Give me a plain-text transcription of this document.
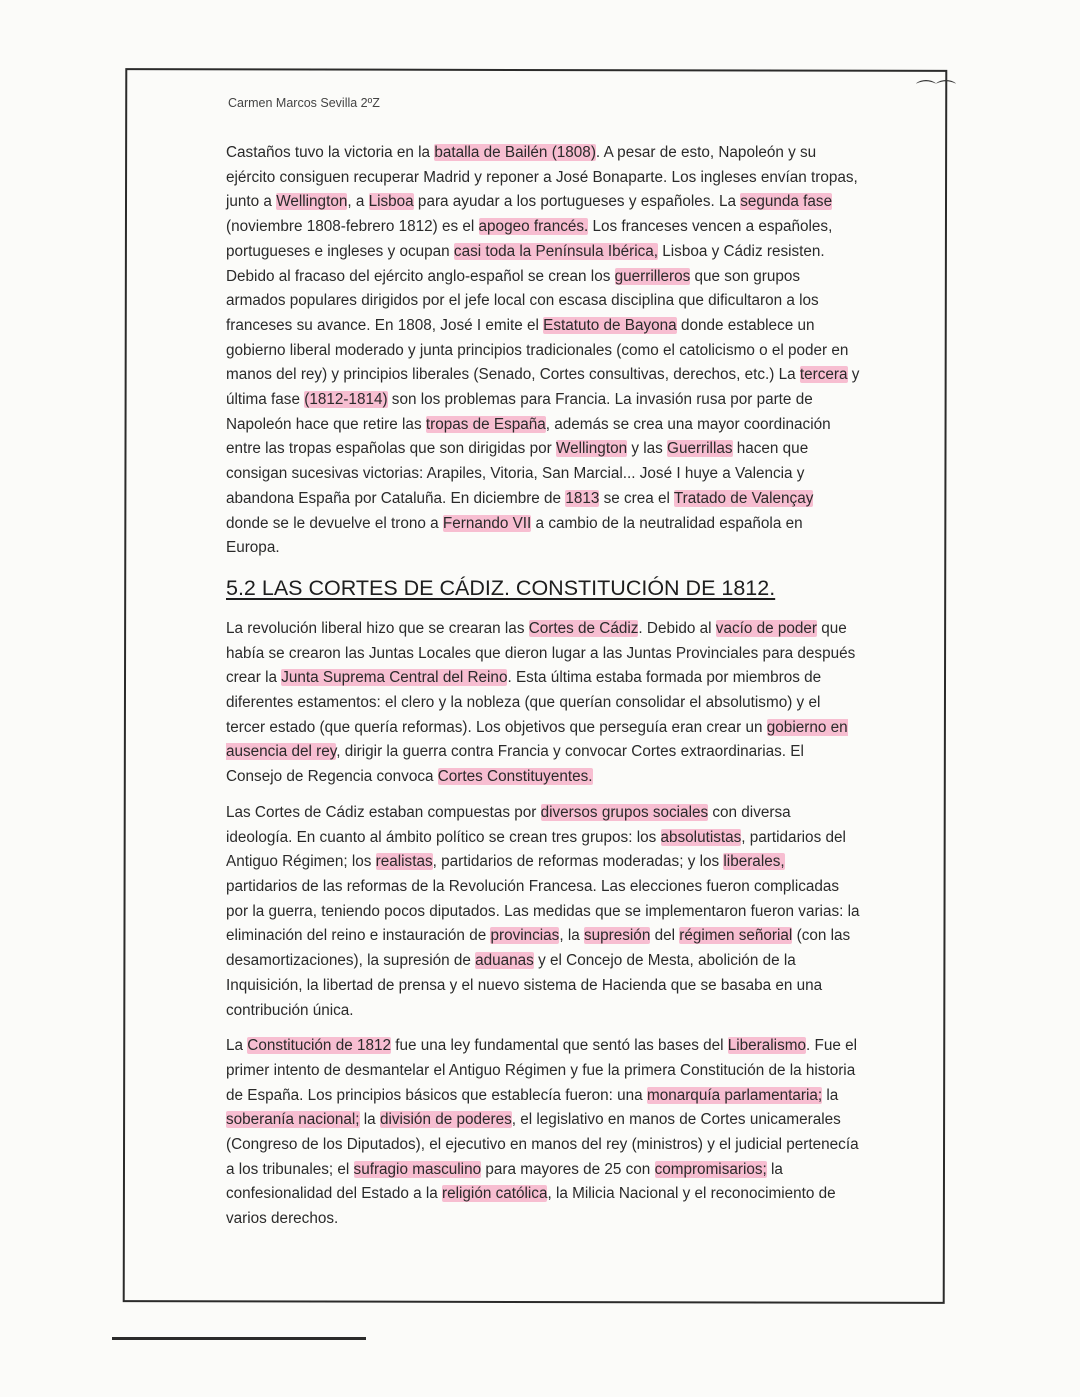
Carmen Marcos Sevilla 2ºZ
⌒⌒

Castaños tuvo la victoria en la batalla de Bailén (1808). A pesar de esto, Napoleón y su ejército consiguen recuperar Madrid y reponer a José Bonaparte. Los ingleses envían tropas, junto a Wellington, a Lisboa para ayudar a los portugueses y españoles. La segunda fase (noviembre 1808-febrero 1812) es el apogeo francés. Los franceses vencen a españoles, portugueses e ingleses y ocupan casi toda la Península Ibérica, Lisboa y Cádiz resisten. Debido al fracaso del ejército anglo-español se crean los guerrilleros que son grupos armados populares dirigidos por el jefe local con escasa disciplina que dificultaron a los franceses su avance. En 1808, José I emite el Estatuto de Bayona donde establece un gobierno liberal moderado y junta principios tradicionales (como el catolicismo o el poder en manos del rey) y principios liberales (Senado, Cortes consultivas, derechos, etc.) La tercera y última fase (1812-1814) son los problemas para Francia. La invasión rusa por parte de Napoleón hace que retire las tropas de España, además se crea una mayor coordinación entre las tropas españolas que son dirigidas por Wellington y las Guerrillas hacen que consigan sucesivas victorias: Arapiles, Vitoria, San Marcial... José I huye a Valencia y abandona España por Cataluña. En diciembre de 1813 se crea el Tratado de Valençay donde se le devuelve el trono a Fernando VII a cambio de la neutralidad española en Europa.

5.2 LAS CORTES DE CÁDIZ. CONSTITUCIÓN DE 1812.

La revolución liberal hizo que se crearan las Cortes de Cádiz. Debido al vacío de poder que había se crearon las Juntas Locales que dieron lugar a las Juntas Provinciales para después crear la Junta Suprema Central del Reino. Esta última estaba formada por miembros de diferentes estamentos: el clero y la nobleza (que querían consolidar el absolutismo) y el tercer estado (que quería reformas). Los objetivos que perseguía eran crear un gobierno en ausencia del rey, dirigir la guerra contra Francia y convocar Cortes extraordinarias. El Consejo de Regencia convoca Cortes Constituyentes.

Las Cortes de Cádiz estaban compuestas por diversos grupos sociales con diversa ideología. En cuanto al ámbito político se crean tres grupos: los absolutistas, partidarios del Antiguo Régimen; los realistas, partidarios de reformas moderadas; y los liberales, partidarios de las reformas de la Revolución Francesa. Las elecciones fueron complicadas por la guerra, teniendo pocos diputados. Las medidas que se implementaron fueron varias: la eliminación del reino e instauración de provincias, la supresión del régimen señorial (con las desamortizaciones), la supresión de aduanas y el Concejo de Mesta, abolición de la Inquisición, la libertad de prensa y el nuevo sistema de Hacienda que se basaba en una contribución única.

La Constitución de 1812 fue una ley fundamental que sentó las bases del Liberalismo. Fue el primer intento de desmantelar el Antiguo Régimen y fue la primera Constitución de la historia de España. Los principios básicos que establecía fueron: una monarquía parlamentaria; la soberanía nacional; la división de poderes, el legislativo en manos de Cortes unicamerales (Congreso de los Diputados), el ejecutivo en manos del rey (ministros) y el judicial pertenecía a los tribunales; el sufragio masculino para mayores de 25 con compromisarios; la confesionalidad del Estado a la religión católica, la Milicia Nacional y el reconocimiento de varios derechos.
